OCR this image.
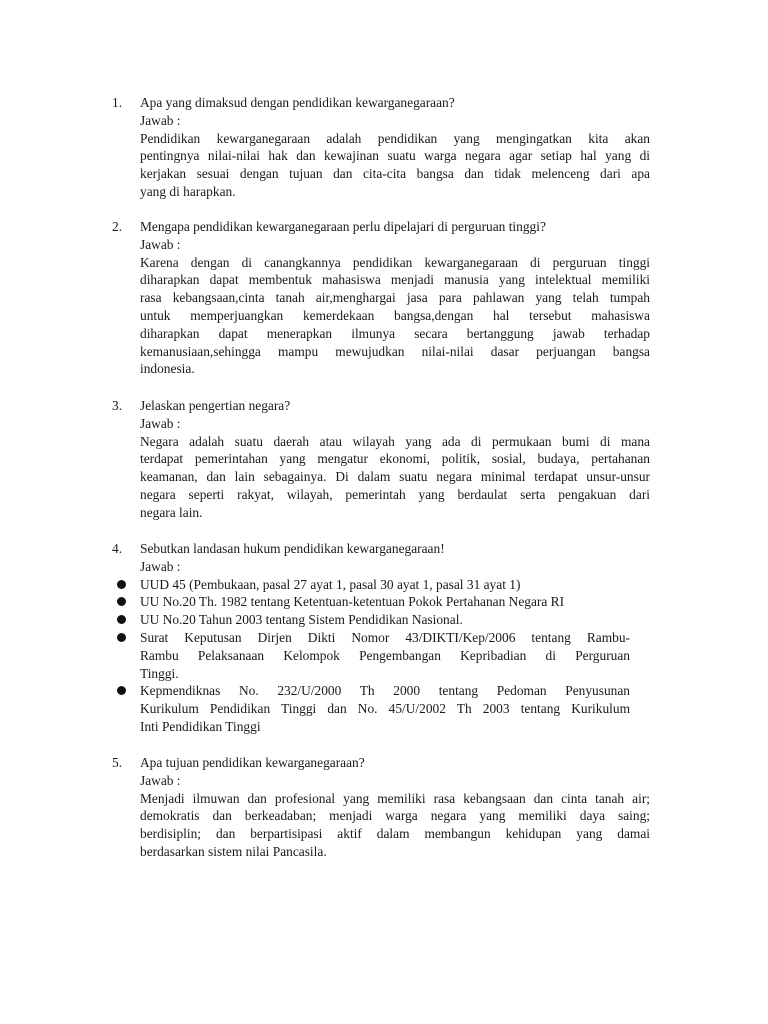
1.	Apa yang dimaksud dengan pendidikan kewarganegaraan?
Jawab :
Pendidikan kewarganegaraan adalah pendidikan yang mengingatkan kita akan
pentingnya nilai-nilai hak dan kewajinan suatu warga negara agar setiap hal yang di
kerjakan sesuai dengan tujuan dan cita-cita bangsa dan tidak melenceng dari apa
yang di harapkan.
2.	Mengapa pendidikan kewarganegaraan perlu dipelajari di perguruan tinggi?
Jawab :
Karena dengan di canangkannya pendidikan kewarganegaraan di perguruan tinggi
diharapkan dapat membentuk mahasiswa menjadi manusia yang intelektual memiliki
rasa kebangsaan,cinta tanah air,menghargai jasa para pahlawan yang telah tumpah
untuk memperjuangkan kemerdekaan bangsa,dengan hal tersebut mahasiswa
diharapkan dapat menerapkan ilmunya secara bertanggung jawab terhadap
kemanusiaan,sehingga mampu mewujudkan nilai-nilai dasar perjuangan bangsa
indonesia.
3.	Jelaskan pengertian negara?
Jawab :
Negara adalah suatu daerah atau wilayah yang ada di permukaan bumi di mana
terdapat pemerintahan yang mengatur ekonomi, politik, sosial, budaya, pertahanan
keamanan, dan lain sebagainya. Di dalam suatu negara minimal terdapat unsur-unsur
negara seperti rakyat, wilayah, pemerintah yang berdaulat serta pengakuan dari
negara lain.
4.	Sebutkan landasan hukum pendidikan kewarganegaraan!
Jawab :
UUD 45 (Pembukaan, pasal 27 ayat 1, pasal 30 ayat 1, pasal 31 ayat 1)
UU No.20 Th. 1982 tentang Ketentuan-ketentuan Pokok Pertahanan Negara RI
UU No.20 Tahun 2003 tentang Sistem Pendidikan Nasional.
Surat Keputusan Dirjen Dikti Nomor 43/DIKTI/Kep/2006 tentang Rambu-
Rambu Pelaksanaan Kelompok Pengembangan Kepribadian di Perguruan
Tinggi.
Kepmendiknas No. 232/U/2000 Th 2000 tentang Pedoman Penyusunan
Kurikulum Pendidikan Tinggi dan No. 45/U/2002 Th 2003 tentang Kurikulum
Inti Pendidikan Tinggi
5.	Apa tujuan pendidikan kewarganegaraan?
Jawab :
Menjadi ilmuwan dan profesional yang memiliki rasa kebangsaan dan cinta tanah air;
demokratis dan berkeadaban; menjadi warga negara yang memiliki daya saing;
berdisiplin; dan berpartisipasi aktif dalam membangun kehidupan yang damai
berdasarkan sistem nilai Pancasila.
